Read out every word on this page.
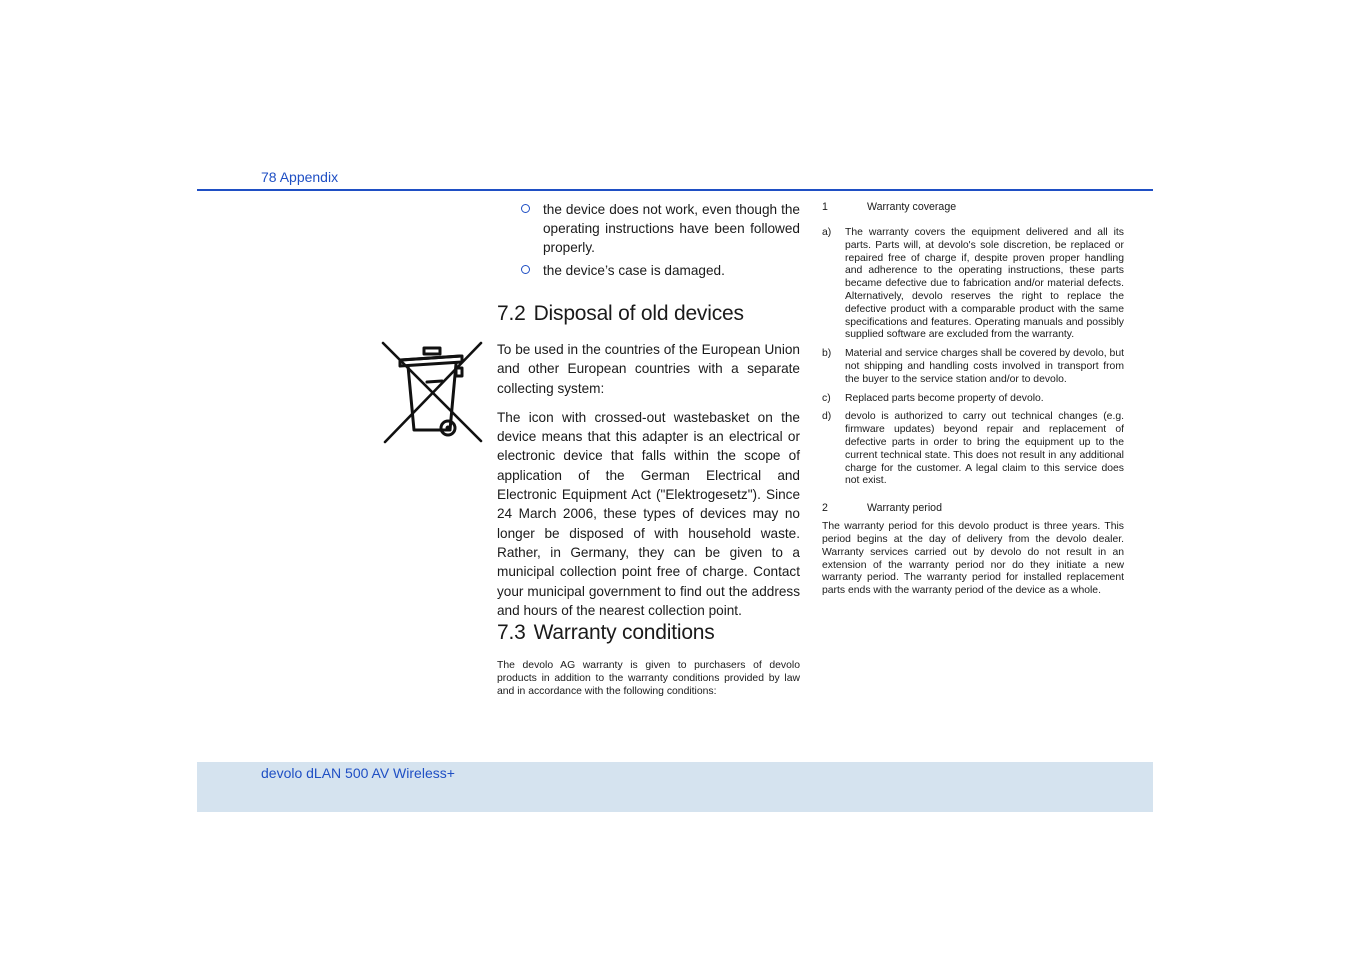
78 Appendix
the device does not work, even though the operating instructions have been followed properly.
the device’s case is damaged.
7.2 Disposal of old devices

To be used in the countries of the European Union and other European countries with a separate collecting system:

The icon with crossed-out wastebasket on the device means that this adapter is an electrical or electronic device that falls within the scope of application of the German Electrical and Electronic Equipment Act ("Elektrogesetz"). Since 24 March 2006, these types of devices may no longer be disposed of with household waste. Rather, in Germany, they can be given to a municipal collection point free of charge. Contact your municipal government to find out the address and hours of the nearest collection point.

7.3 Warranty conditions

The devolo AG warranty is given to purchasers of devolo products in addition to the warranty conditions provided by law and in accordance with the following conditions:

1	Warranty coverage

a)	The warranty covers the equipment delivered and all its parts. Parts will, at devolo's sole discretion, be replaced or repaired free of charge if, despite proven proper handling and adherence to the operating instructions, these parts became defective due to fabrication and/or material defects. Alternatively, devolo reserves the right to replace the defective product with a comparable product with the same specifications and features. Operating manuals and possibly supplied software are excluded from the warranty.
b)	Material and service charges shall be covered by devolo, but not shipping and handling costs involved in transport from the buyer to the service station and/or to devolo.
c)	Replaced parts become property of devolo.
d)	devolo is authorized to carry out technical changes (e.g. firmware updates) beyond repair and replacement of defective parts in order to bring the equipment up to the current technical state. This does not result in any additional charge for the customer. A legal claim to this service does not exist.

2	Warranty period

The warranty period for this devolo product is three years. This period begins at the day of delivery from the devolo dealer. Warranty services carried out by devolo do not result in an extension of the warranty period nor do they initiate a new warranty period. The warranty period for installed replacement parts ends with the warranty period of the device as a whole.

devolo dLAN 500 AV Wireless+
